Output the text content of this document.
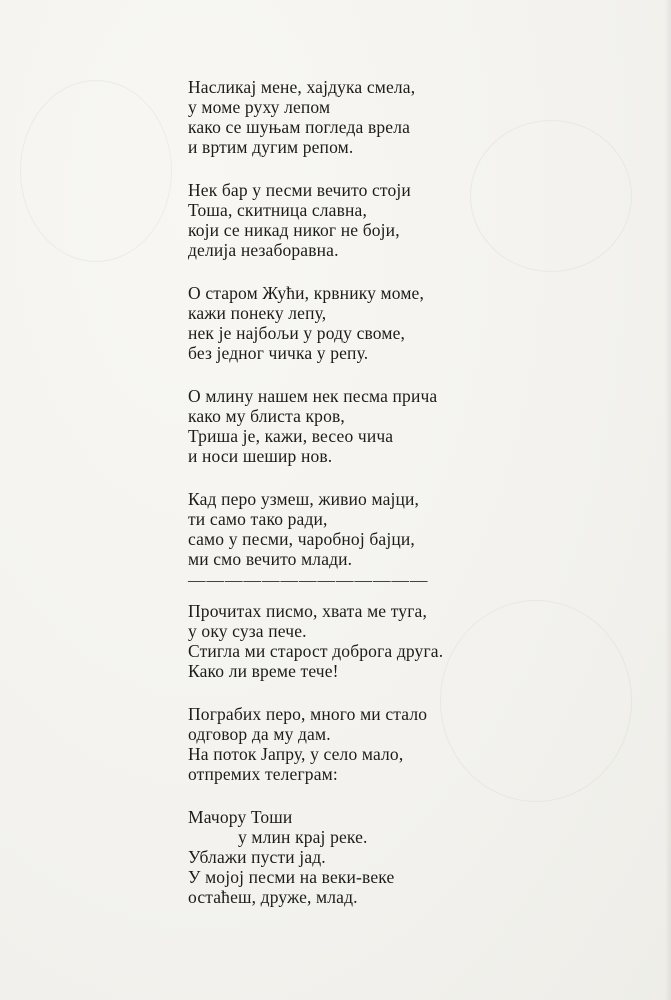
Насликај мене, хајдука смела,
у моме руху лепом
како се шуњам погледа врела
и вртим дугим репом.
Нек бар у песми вечито стоји
Тоша, скитница славна,
који се никад никог не боји,
делија незаборавна.
О старом Жући, крвнику моме,
кажи понеку лепу,
нек је најбољи у роду своме,
без једног чичка у репу.
О млину нашем нек песма прича
како му блиста кров,
Триша је, кажи, весео чича
и носи шешир нов.
Кад перо узмеш, живио мајци,
ти само тако ради,
само у песми, чаробној бајци,
ми смо вечито млади.
—————————————
Прочитах писмо, хвата ме туга,
у оку суза пече.
Стигла ми старост доброга друга.
Како ли време тече!
Пограбих перо, много ми стало
одговор да му дам.
На поток Јапру, у село мало,
отпремих телеграм:
Мачору Тоши
у млин крај реке.
Ублажи пусти јад.
У мојој песми на веки-веке
остаћеш, друже, млад.
